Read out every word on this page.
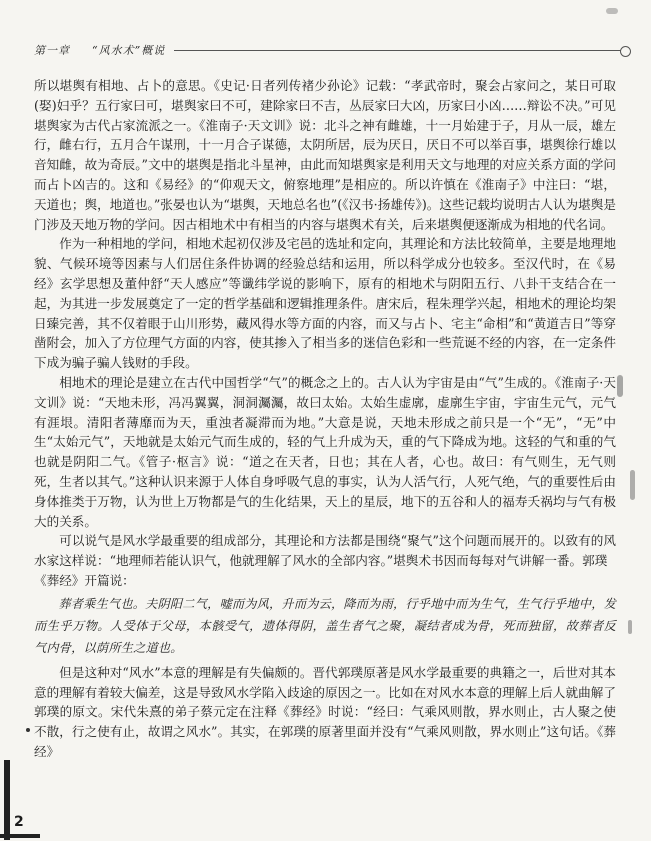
第一章 “风水术”概说

所以堪舆有相地、占卜的意思。《史记·日者列传褚少孙论》记载：“孝武帝时，聚会占家问之，某日可取(娶)妇乎？五行家曰可，堪舆家曰不可，建除家曰不吉，丛辰家曰大凶，历家曰小凶……辩讼不决。”可见堪舆家为古代占家流派之一。《淮南子·天文训》说：北斗之神有雌雄，十一月始建于子，月从一辰，雄左行，雌右行，五月合午谋刑，十一月合子谋德，太阴所居，辰为厌日，厌日不可以举百事，堪舆徐行雄以音知雌，故为奇辰。”文中的堪舆是指北斗星神，由此而知堪舆家是利用天文与地理的对应关系方面的学问而占卜凶吉的。这和《易经》的“仰观天文，俯察地理”是相应的。所以许慎在《淮南子》中注曰：“堪，天道也；舆，地道也。”张晏也认为“堪舆，天地总名也”(《汉书·扬雄传》)。这些记载均说明古人认为堪舆是门涉及天地万物的学问。因古相地术中有相当的内容与堪舆术有关，后来堪舆便逐渐成为相地的代名词。

作为一种相地的学问，相地术起初仅涉及宅邑的选址和定向，其理论和方法比较简单，主要是地理地貌、气候环境等因素与人们居住条件协调的经验总结和运用，所以科学成分也较多。至汉代时，在《易经》玄学思想及董仲舒“天人感应”等谶纬学说的影响下，原有的相地术与阴阳五行、八卦干支结合在一起，为其进一步发展奠定了一定的哲学基础和逻辑推理条件。唐宋后，程朱理学兴起，相地术的理论均架日臻完善，其不仅着眼于山川形势，藏风得水等方面的内容，而又与占卜、宅主“命相”和“黄道吉日”等穿凿附会，加入了方位理气方面的内容，使其掺入了相当多的迷信色彩和一些荒诞不经的内容，在一定条件下成为骗子骗人钱财的手段。

相地术的理论是建立在古代中国哲学“气”的概念之上的。古人认为宇宙是由“气”生成的。《淮南子·天文训》说：“天地未形，冯冯翼翼，洞洞灟灟，故曰太始。太始生虚廓，虚廓生宇宙，宇宙生元气，元气有涯垠。清阳者薄靡而为天，重浊者凝滞而为地。”大意是说，天地未形成之前只是一个“无”，“无”中生“太始元气”，天地就是太始元气而生成的，轻的气上升成为天，重的气下降成为地。这轻的气和重的气也就是阴阳二气。《管子·枢言》说：“道之在天者，日也；其在人者，心也。故曰：有气则生，无气则死，生者以其气。”这种认识来源于人体自身呼吸气息的事实，认为人活气行，人死气绝，气的重要性后由身体推类于万物，认为世上万物都是气的生化结果，天上的星辰，地下的五谷和人的福寿夭祸均与气有极大的关系。

可以说气是风水学最重要的组成部分，其理论和方法都是围绕“聚气”这个问题而展开的。以致有的风水家这样说：“地理师若能认识气，他就理解了风水的全部内容。”堪舆术书因而每每对气讲解一番。郭璞

《葬经》开篇说：

葬者乘生气也。夫阴阳二气，嘘而为风，升而为云，降而为雨，行乎地中而为生气，生气行乎地中，发而生乎万物。人受体于父母，本骸受气，遗体得阴，盖生者气之聚，凝结者成为骨，死而独留，故葬者反气内骨，以荫所生之道也。

但是这种对“风水”本意的理解是有失偏颇的。晋代郭璞原著是风水学最重要的典籍之一，后世对其本意的理解有着较大偏差，这是导致风水学陷入歧途的原因之一。比如在对风水本意的理解上后人就曲解了郭璞的原文。宋代朱熹的弟子蔡元定在注释《葬经》时说：“经曰：气乘风则散，界水则止，古人聚之使不散，行之使有止，故谓之风水”。其实，在郭璞的原著里面并没有“气乘风则散，界水则止”这句话。《葬经》

2
